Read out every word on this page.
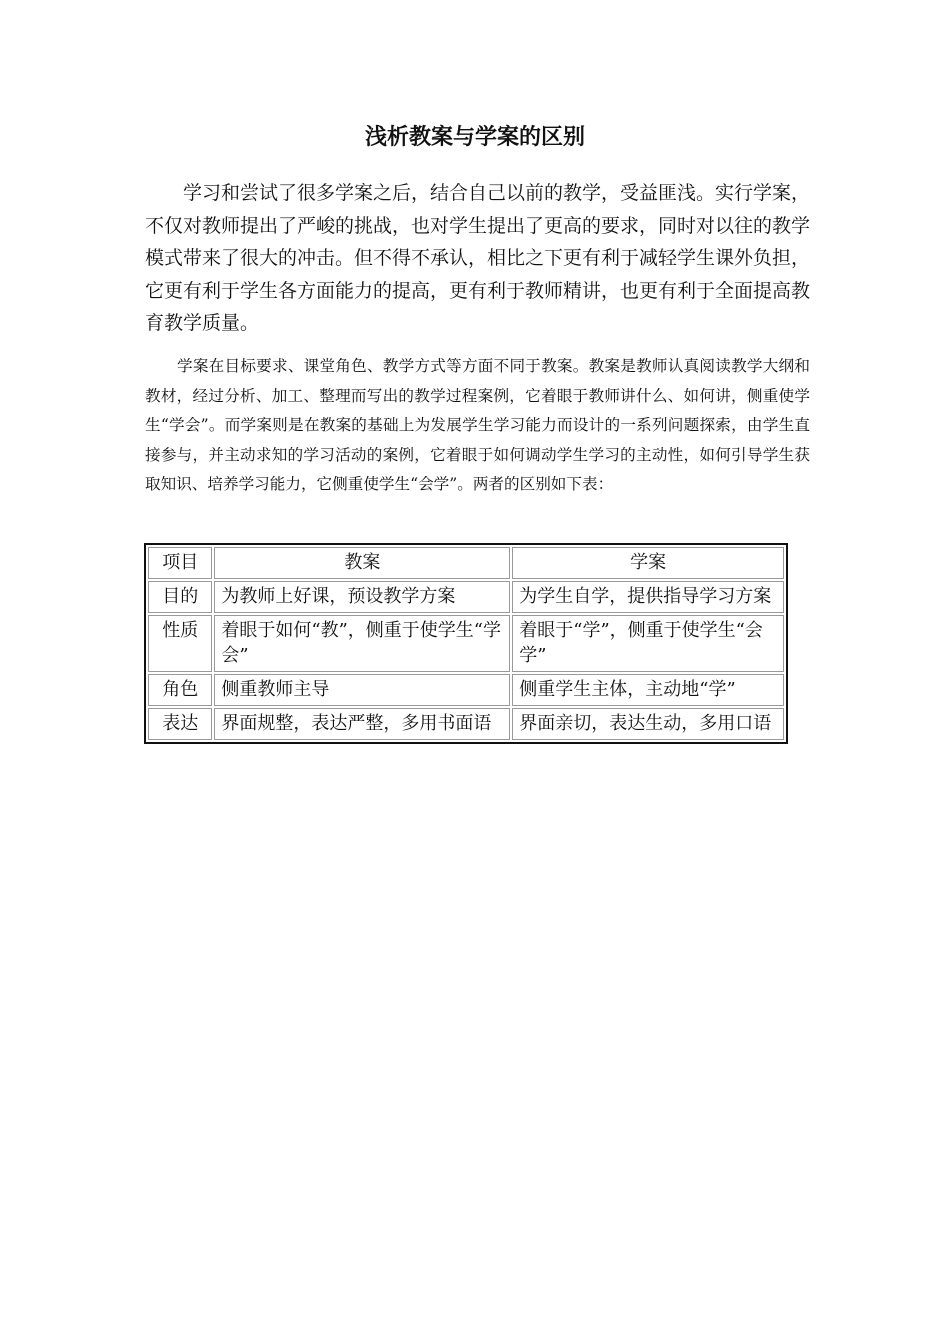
浅析教案与学案的区别

学习和尝试了很多学案之后，结合自己以前的教学，受益匪浅。实行学案，不仅对教师提出了严峻的挑战，也对学生提出了更高的要求，同时对以往的教学模式带来了很大的冲击。但不得不承认，相比之下更有利于减轻学生课外负担，它更有利于学生各方面能力的提高，更有利于教师精讲，也更有利于全面提高教育教学质量。

学案在目标要求、课堂角色、教学方式等方面不同于教案。教案是教师认真阅读教学大纲和教材，经过分析、加工、整理而写出的教学过程案例，它着眼于教师讲什么、如何讲，侧重使学生“学会”。而学案则是在教案的基础上为发展学生学习能力而设计的一系列问题探索，由学生直接参与，并主动求知的学习活动的案例，它着眼于如何调动学生学习的主动性，如何引导学生获取知识、培养学习能力，它侧重使学生“会学”。两者的区别如下表：

项目	教案	学案
目的	为教师上好课，预设教学方案	为学生自学，提供指导学习方案
性质	着眼于如何“教”，侧重于使学生“学会”	着眼于“学”，侧重于使学生“会学”
角色	侧重教师主导	侧重学生主体，主动地“学”
表达	界面规整，表达严整，多用书面语	界面亲切，表达生动，多用口语
